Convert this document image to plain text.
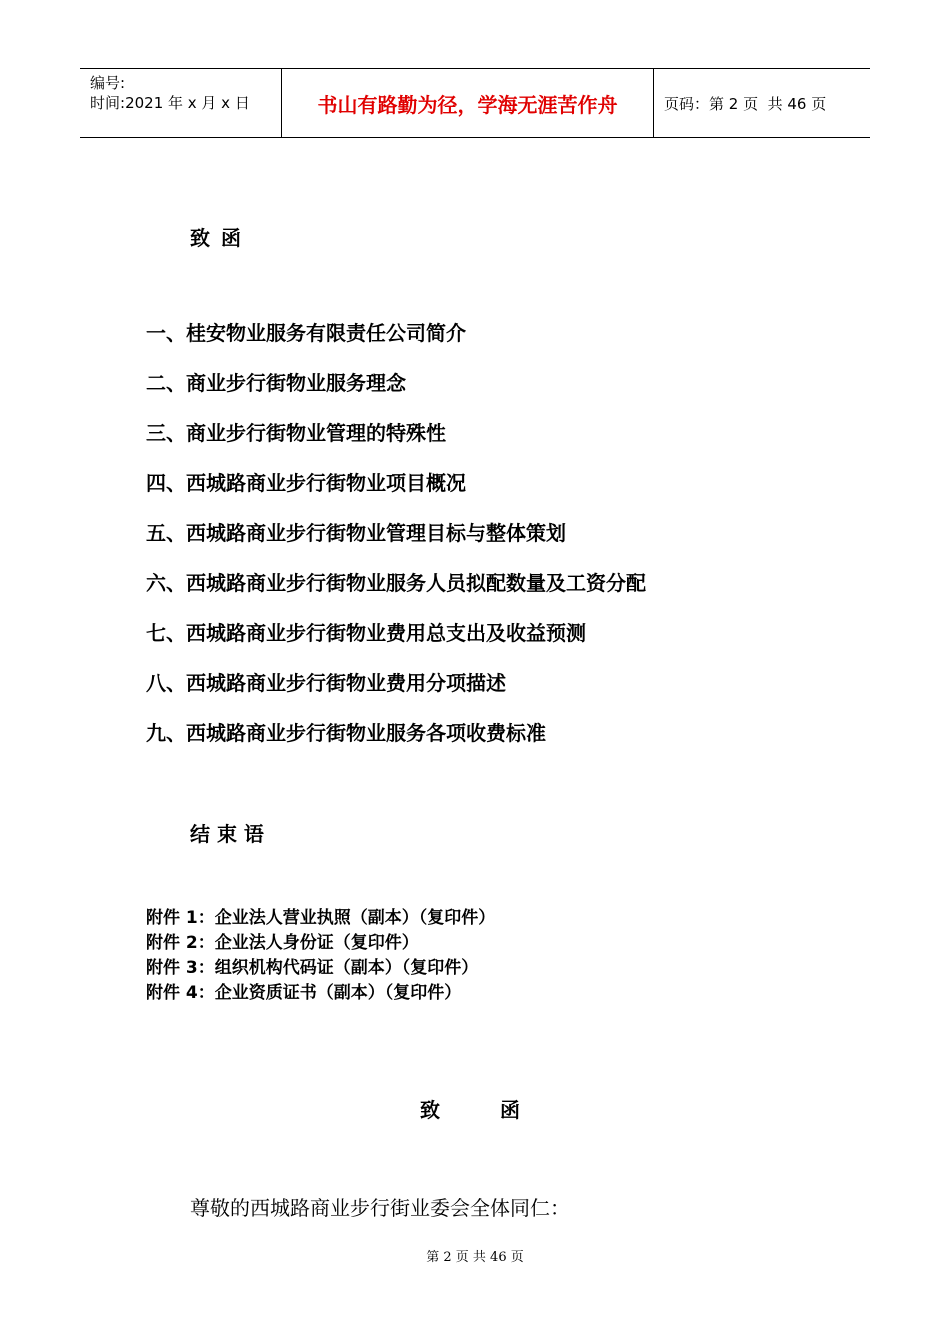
编号:
时间:2021 年 x 月 x 日	书山有路勤为径，学海无涯苦作舟	页码：第 2 页  共 46 页
致 函
一、桂安物业服务有限责任公司简介
二、商业步行街物业服务理念
三、商业步行街物业管理的特殊性
四、西城路商业步行街物业项目概况
五、西城路商业步行街物业管理目标与整体策划
六、西城路商业步行街物业服务人员拟配数量及工资分配
七、西城路商业步行街物业费用总支出及收益预测
八、西城路商业步行街物业费用分项描述
九、西城路商业步行街物业服务各项收费标准
结 束 语
附件 1：企业法人营业执照（副本）（复印件）
附件 2：企业法人身份证（复印件）
附件 3：组织机构代码证（副本）（复印件）
附件 4：企业资质证书（副本）（复印件）
致　　　函
尊敬的西城路商业步行街业委会全体同仁：
第 2 页 共 46 页
